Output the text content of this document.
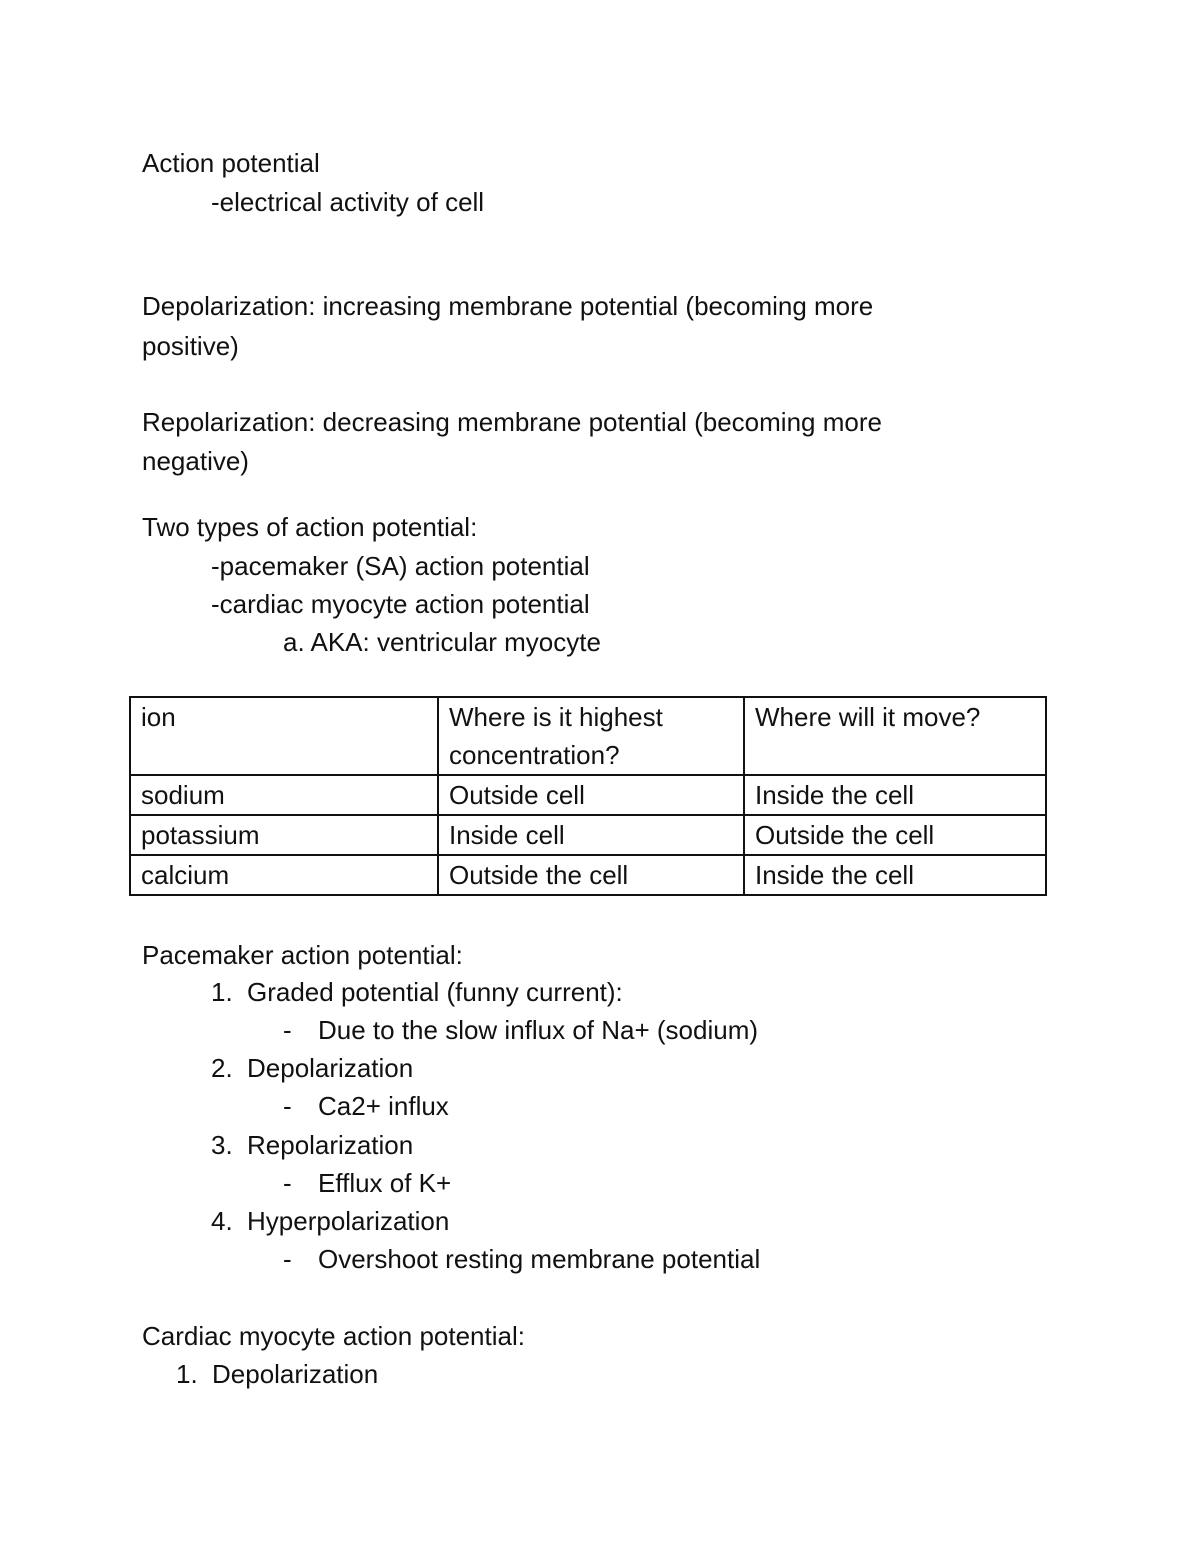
Action potential
-electrical activity of cell
Depolarization: increasing membrane potential (becoming more
positive)
Repolarization: decreasing membrane potential (becoming more
negative)
Two types of action potential:
-pacemaker (SA) action potential
-cardiac myocyte action potential
a. AKA: ventricular myocyte
ion	Where is it highest concentration?	Where will it move?
sodium	Outside cell	Inside the cell
potassium	Inside cell	Outside the cell
calcium	Outside the cell	Inside the cell
Pacemaker action potential:
1. Graded potential (funny current):
- Due to the slow influx of Na+ (sodium)
2. Depolarization
- Ca2+ influx
3. Repolarization
- Efflux of K+
4. Hyperpolarization
- Overshoot resting membrane potential
Cardiac myocyte action potential:
1. Depolarization
